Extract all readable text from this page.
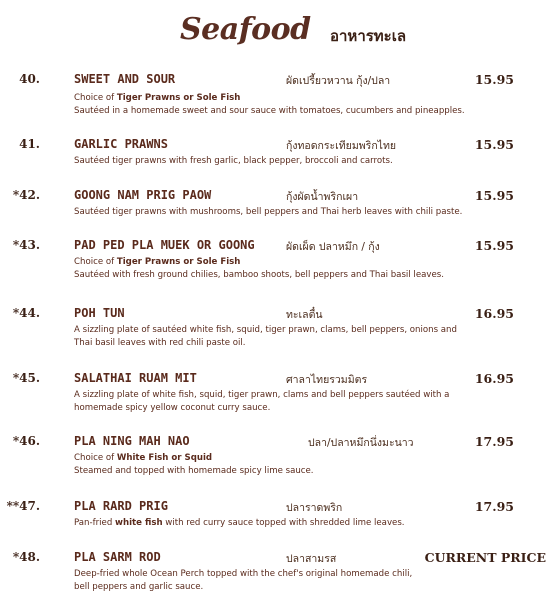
Seafood อาหารทะเล
40.	SWEET AND SOUR	ผัดเปรี้ยวหวาน กุ้ง/ปลา	15.95
Choice of Tiger Prawns or Sole Fish
Sautéed in a homemade sweet and sour sauce with tomatoes, cucumbers and pineapples.
41.	GARLIC PRAWNS	กุ้งทอดกระเทียมพริกไทย	15.95
Sautéed tiger prawns with fresh garlic, black pepper, broccoli and carrots.
*42.	GOONG NAM PRIG PAOW	กุ้งผัดน้ำพริกเผา	15.95
Sautéed tiger prawns with mushrooms, bell peppers and Thai herb leaves with chili paste.
*43.	PAD PED PLA MUEK OR GOONG	ผัดเผ็ด ปลาหมึก / กุ้ง	15.95
Choice of Tiger Prawns or Sole Fish
Sautéed with fresh ground chilies, bamboo shoots, bell peppers and Thai basil leaves.
*44.	POH TUN	ทะเลตื๋น	16.95
A sizzling plate of sautéed white fish, squid, tiger prawn, clams, bell peppers, onions and
Thai basil leaves with red chili paste oil.
*45.	SALATHAI RUAM MIT	ศาลาไทยรวมมิตร	16.95
A sizzling plate of white fish, squid, tiger prawn, clams and bell peppers sautéed with a
homemade spicy yellow coconut curry sauce.
*46.	PLA NING MAH NAO	ปลา/ปลาหมึกนึ่งมะนาว	17.95
Choice of White Fish or Squid
Steamed and topped with homemade spicy lime sauce.
**47.	PLA RARD PRIG	ปลาราดพริก	17.95
Pan-fried white fish with red curry sauce topped with shredded lime leaves.
*48.	PLA SARM ROD	ปลาสามรส	CURRENT PRICE
Deep-fried whole Ocean Perch topped with the chef's original homemade chili,
bell peppers and garlic sauce.
